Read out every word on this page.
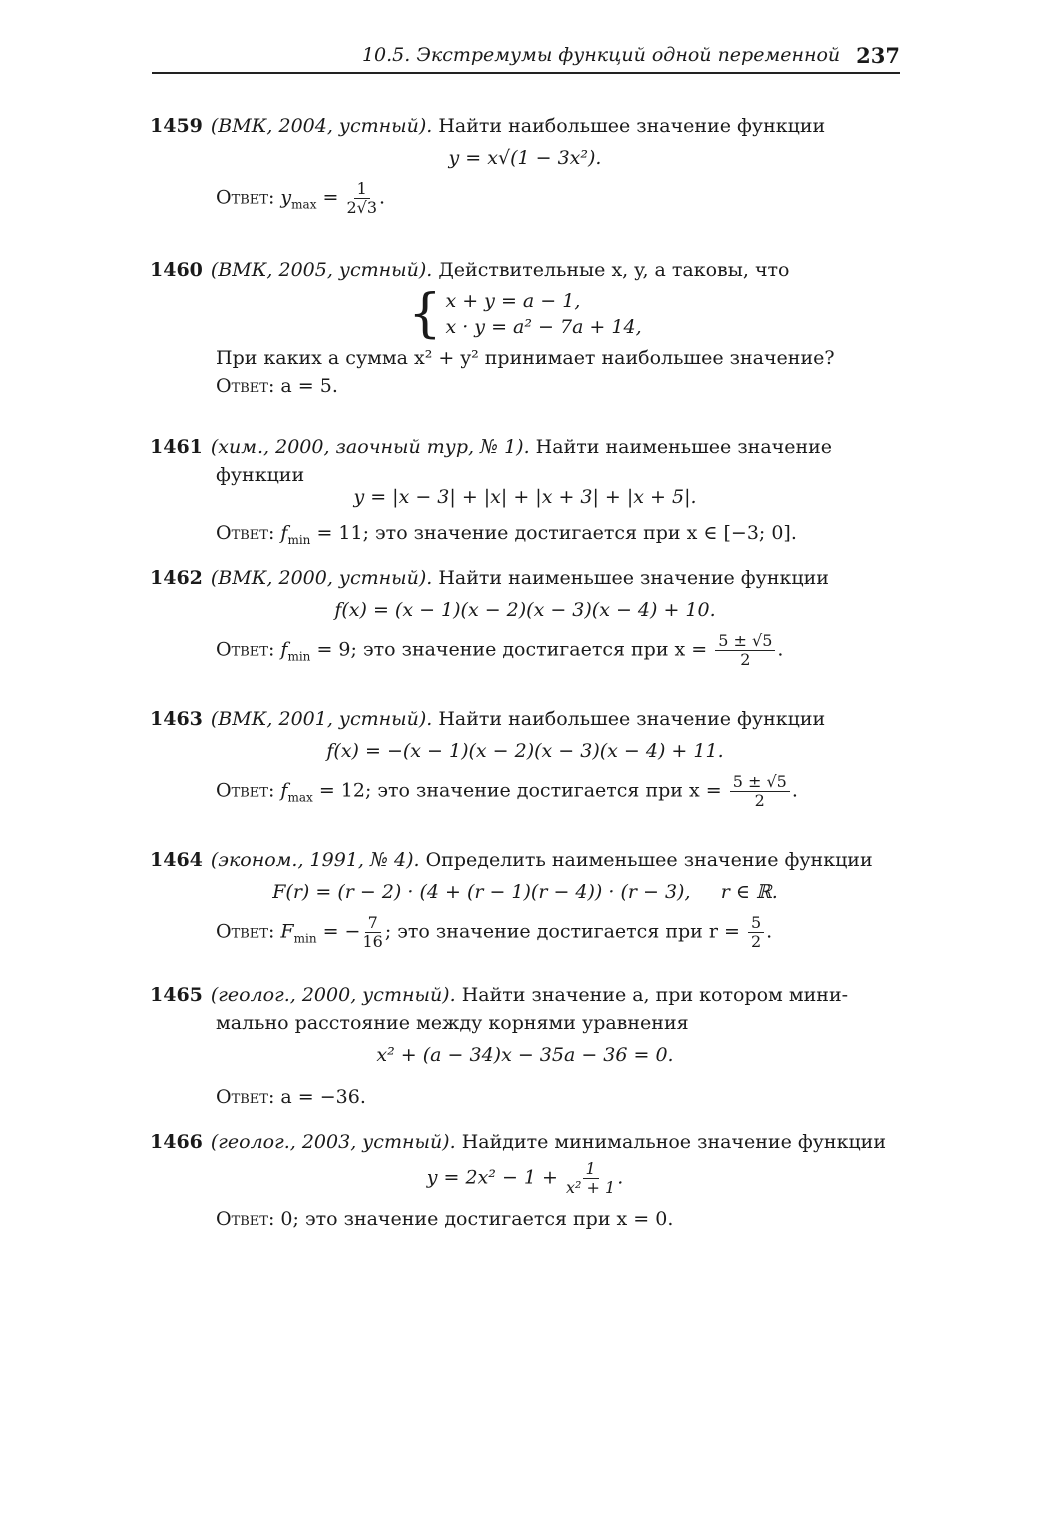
10.5. Экстремумы функций одной переменной 237
1459 (ВМК, 2004, устный). Найти наибольшее значение функции
y = x√(1 − 3x²).
Ответ: $y_{max} = \frac{1}{2√3}$ .
1460 (ВМК, 2005, устный). Действительные x, y, a таковы, что
{ x + y = a − 1,
x · y = a² − 7a + 14,
При каких a сумма x² + y² принимает наибольшее значение?
Ответ: a = 5.
1461 (хим., 2000, заочный тур, № 1). Найти наименьшее значение
функции
y = |x − 3| + |x| + |x + 3| + |x + 5|.
Ответ: $f_{min} = 11$; это значение достигается при x ∈ [−3; 0].
1462 (ВМК, 2000, устный). Найти наименьшее значение функции
f(x) = (x − 1)(x − 2)(x − 3)(x − 4) + 10.
Ответ: $f_{min} = 9$; это значение достигается при $x = \frac{5 \pm √5}{2}$ .
1463 (ВМК, 2001, устный). Найти наибольшее значение функции
f(x) = −(x − 1)(x − 2)(x − 3)(x − 4) + 11.
Ответ: $f_{max} = 12$; это значение достигается при $x = \frac{5 \pm √5}{2}$ .
1464 (эконом., 1991, № 4). Определить наименьшее значение функции
F(r) = (r − 2) · (4 + (r − 1)(r − 4)) · (r − 3),     r ∈ ℝ.
Ответ: $F_{min}$ = − $\frac{7}{16}$ ; это значение достигается при $r = \frac{5}{2}$ .
1465 (геолог., 2000, устный). Найти значение a, при котором мини-
мально расстояние между корнями уравнения
x² + (a − 34)x − 35a − 36 = 0.
Ответ: a = −36.
1466 (геолог., 2003, устный). Найдите минимальное значение функции
$y = 2x^2 - 1 + \frac{1}{\text{x² + 1}}$ .
Ответ: 0; это значение достигается при x = 0.
